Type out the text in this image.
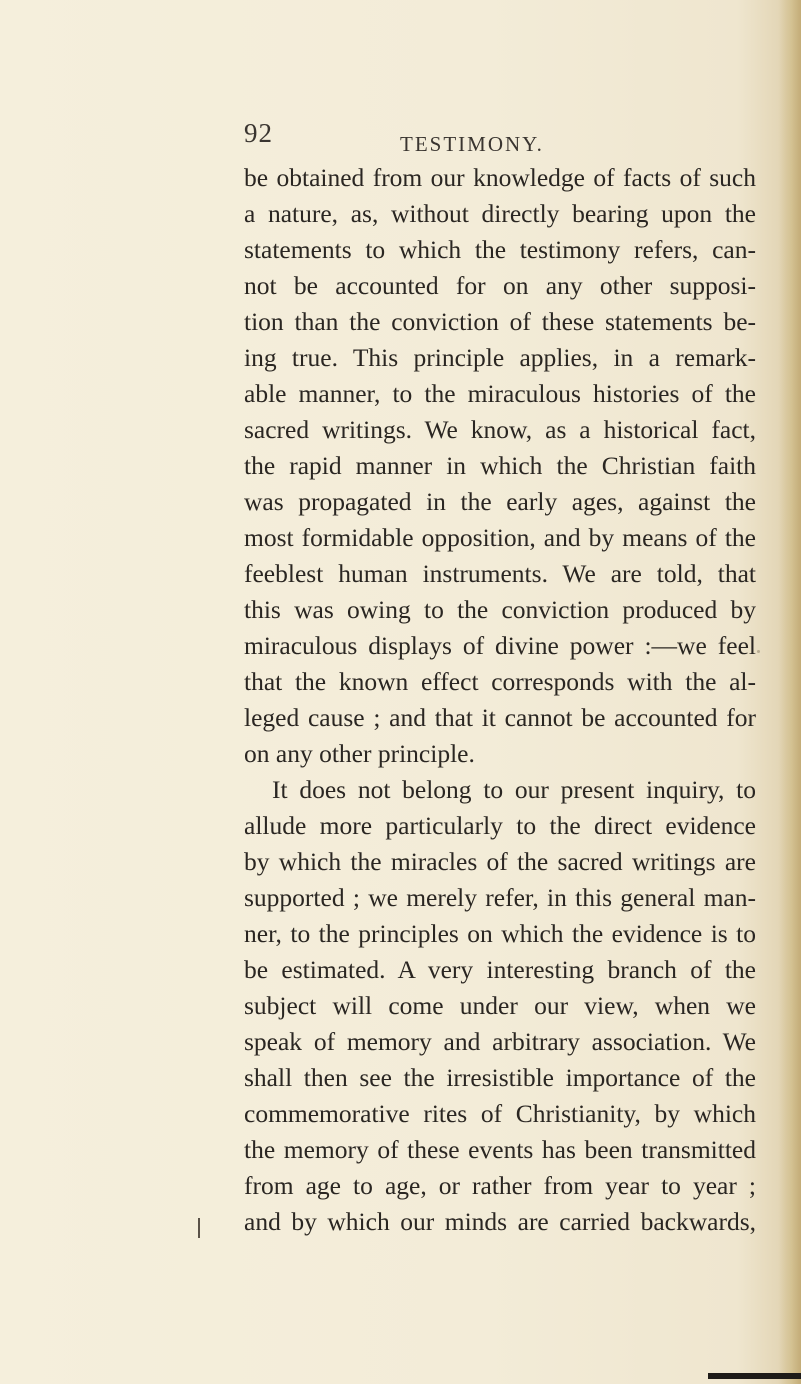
92	TESTIMONY.
be obtained from our knowledge of facts of such
a nature, as, without directly bearing upon the
statements to which the testimony refers, can-
not be accounted for on any other supposi-
tion than the conviction of these statements be-
ing true. This principle applies, in a remark-
able manner, to the miraculous histories of the
sacred writings. We know, as a historical fact,
the rapid manner in which the Christian faith
was propagated in the early ages, against the
most formidable opposition, and by means of the
feeblest human instruments. We are told, that
this was owing to the conviction produced by
miraculous displays of divine power :—we feel
that the known effect corresponds with the al-
leged cause ; and that it cannot be accounted for
on any other principle.
It does not belong to our present inquiry, to
allude more particularly to the direct evidence
by which the miracles of the sacred writings are
supported ; we merely refer, in this general man-
ner, to the principles on which the evidence is to
be estimated. A very interesting branch of the
subject will come under our view, when we
speak of memory and arbitrary association. We
shall then see the irresistible importance of the
commemorative rites of Christianity, by which
the memory of these events has been transmitted
from age to age, or rather from year to year ;
and by which our minds are carried backwards,
